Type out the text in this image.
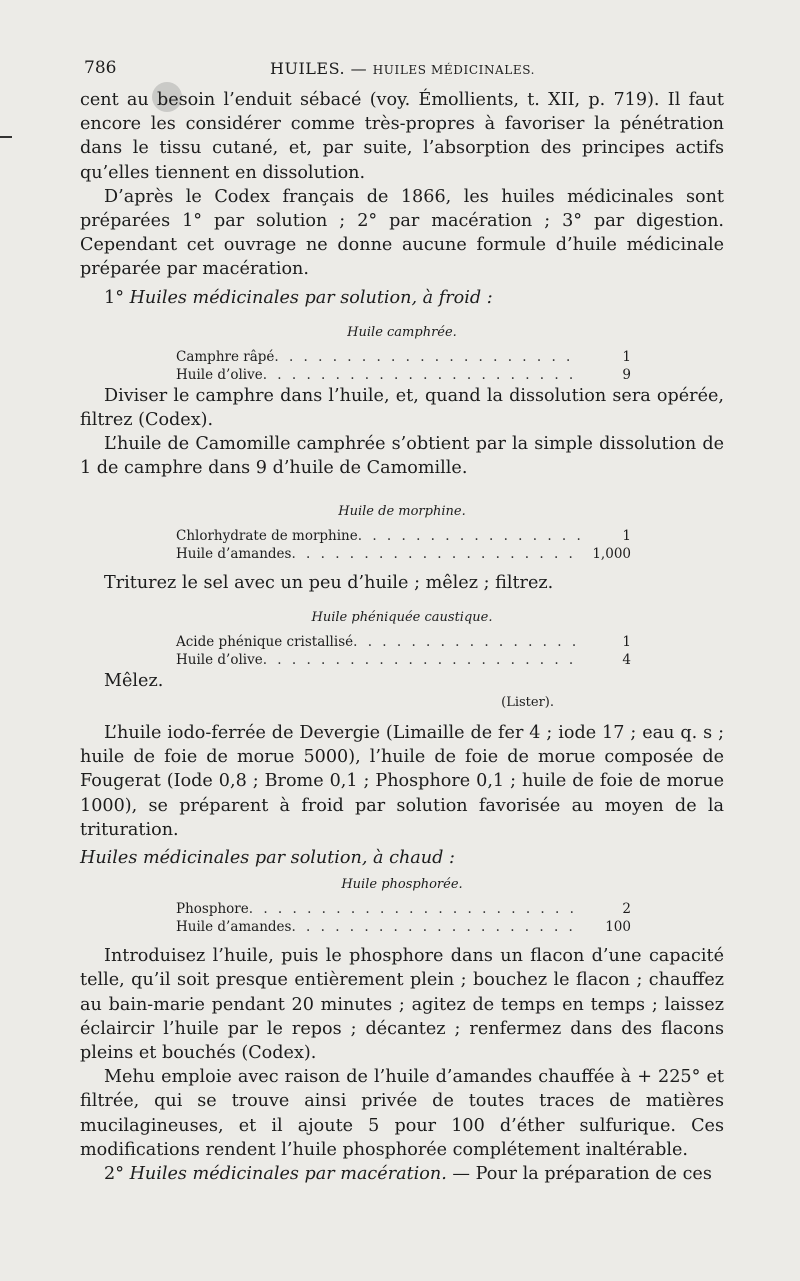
786	HUILES. — HUILES MÉDICINALES.

cent au besoin l’enduit sébacé (voy. Émollients, t. XII, p. 719). Il faut encore les considérer comme très-propres à favoriser la pénétration dans le tissu cutané, et, par suite, l’absorption des principes actifs qu’elles tiennent en dissolution.

D’après le Codex français de 1866, les huiles médicinales sont préparées 1° par solution ; 2° par macération ; 3° par digestion. Cependant cet ouvrage ne donne aucune formule d’huile médicinale préparée par macération.

1° Huiles médicinales par solution, à froid :

Huile camphrée.
Camphre râpé . . .	1
Huile d’olive . . .	9

Diviser le camphre dans l’huile, et, quand la dissolution sera opérée, filtrez (Codex).

L’huile de Camomille camphrée s’obtient par la simple dissolution de 1 de camphre dans 9 d’huile de Camomille.

Huile de morphine.
Chlorhydrate de morphine . . .	1
Huile d’amandes . . .	1,000

Triturez le sel avec un peu d’huile ; mêlez ; filtrez.

Huile phéniquée caustique.
Acide phénique cristallisé . . .	1
Huile d’olive . . .	4

Mêlez.

(Lister).

L’huile iodo-ferrée de Devergie (Limaille de fer 4 ; iode 17 ; eau q. s ; huile de foie de morue 5000), l’huile de foie de morue composée de Fougerat (Iode 0,8 ; Brome 0,1 ; Phosphore 0,1 ; huile de foie de morue 1000), se préparent à froid par solution favorisée au moyen de la trituration.

Huiles médicinales par solution, à chaud :

Huile phosphorée.
Phosphore . . .	2
Huile d’amandes . . .	100

Introduisez l’huile, puis le phosphore dans un flacon d’une capacité telle, qu’il soit presque entièrement plein ; bouchez le flacon ; chauffez au bain-marie pendant 20 minutes ; agitez de temps en temps ; laissez éclaircir l’huile par le repos ; décantez ; renfermez dans des flacons pleins et bouchés (Codex).

Mehu emploie avec raison de l’huile d’amandes chauffée à + 225° et filtrée, qui se trouve ainsi privée de toutes traces de matières mucilagineuses, et il ajoute 5 pour 100 d’éther sulfurique. Ces modifications rendent l’huile phosphorée complétement inaltérable.

2° Huiles médicinales par macération. — Pour la préparation de ces
